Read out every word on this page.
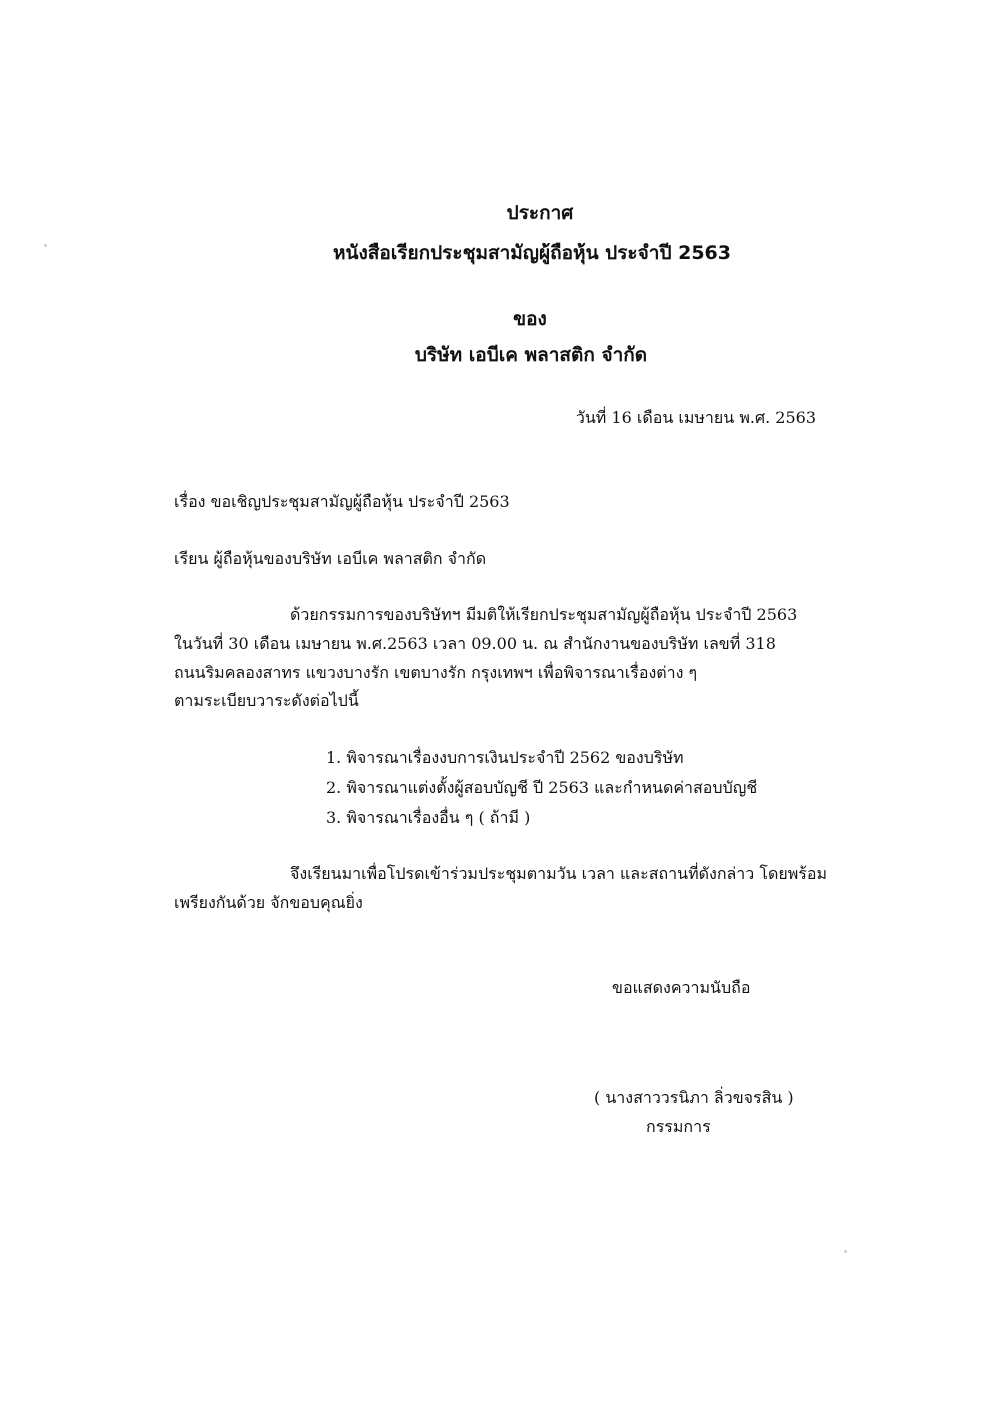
ประกาศ
หนังสือเรียกประชุมสามัญผู้ถือหุ้น ประจำปี 2563
ของ
บริษัท เอบีเค พลาสติก จำกัด
วันที่ 16 เดือน เมษายน พ.ศ. 2563
เรื่อง ขอเชิญประชุมสามัญผู้ถือหุ้น ประจำปี 2563
เรียน ผู้ถือหุ้นของบริษัท เอบีเค พลาสติก จำกัด
ด้วยกรรมการของบริษัทฯ มีมติให้เรียกประชุมสามัญผู้ถือหุ้น ประจำปี 2563
ในวันที่ 30 เดือน เมษายน พ.ศ.2563 เวลา 09.00 น. ณ สำนักงานของบริษัท เลขที่ 318
ถนนริมคลองสาทร แขวงบางรัก เขตบางรัก กรุงเทพฯ เพื่อพิจารณาเรื่องต่าง ๆ
ตามระเบียบวาระดังต่อไปนี้
1. พิจารณาเรื่องงบการเงินประจำปี 2562 ของบริษัท
2. พิจารณาแต่งตั้งผู้สอบบัญชี ปี 2563 และกำหนดค่าสอบบัญชี
3. พิจารณาเรื่องอื่น ๆ ( ถ้ามี )
จึงเรียนมาเพื่อโปรดเข้าร่วมประชุมตามวัน เวลา และสถานที่ดังกล่าว โดยพร้อม
เพรียงกันด้วย จักขอบคุณยิ่ง
ขอแสดงความนับถือ
( นางสาววรนิภา ลิ่วขจรสิน )
กรรมการ
